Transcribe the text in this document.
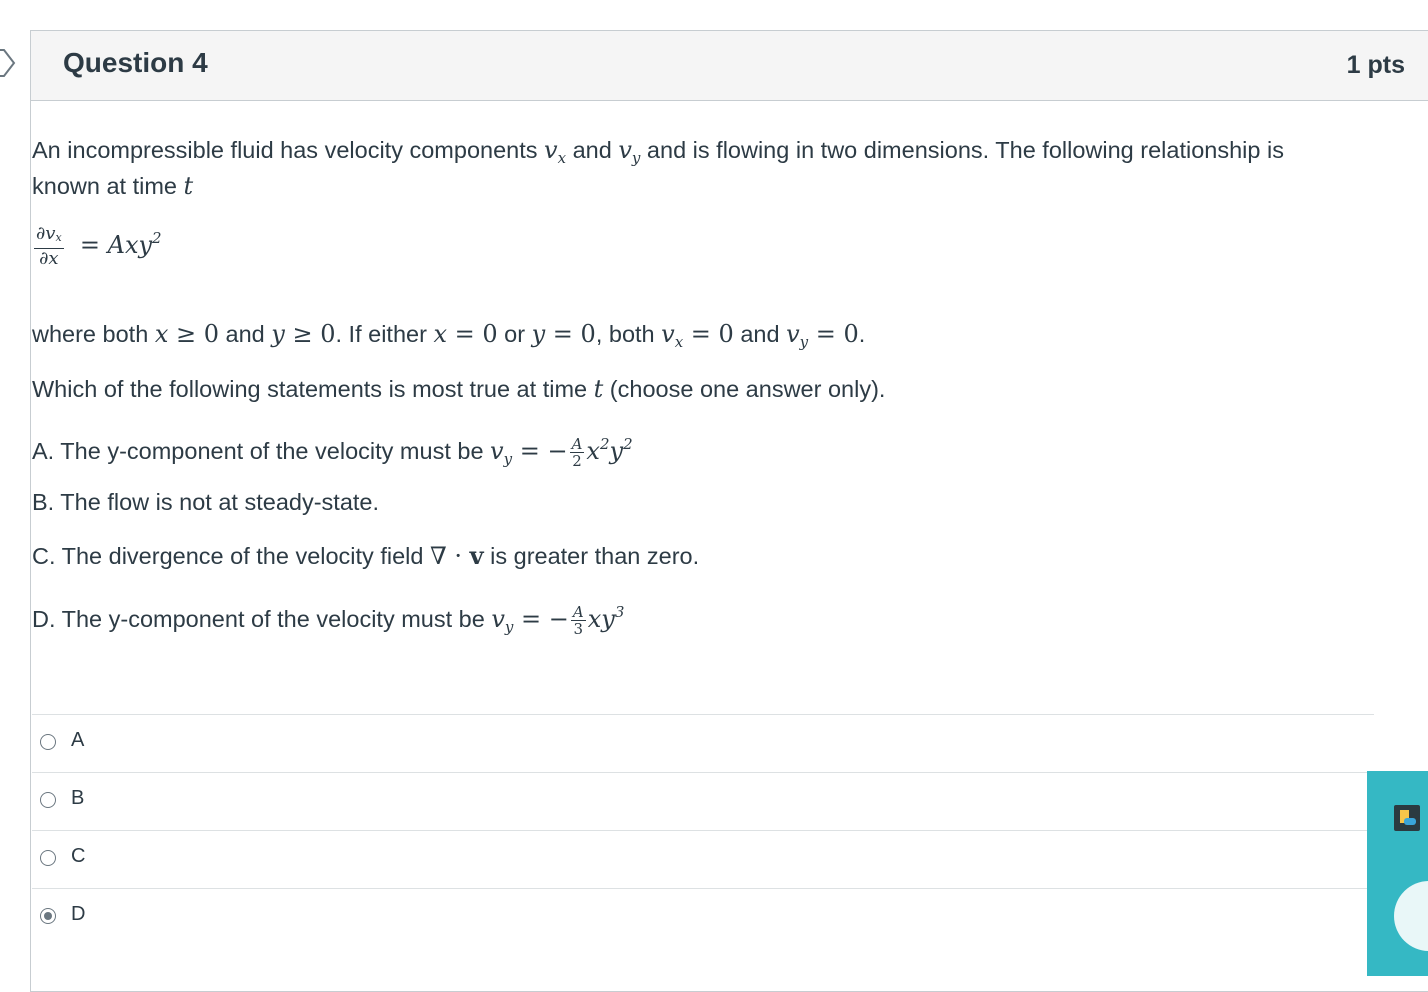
Question 4	1 pts
An incompressible fluid has velocity components $v_x$ and $v_y$ and is flowing in two dimensions. The following relationship is
known at time t
$\frac{\partial v_x}{\partial x} = Axy^2$
where both x ≥ 0 and y ≥ 0. If either x = 0 or y = 0, both $v_x = 0$ and $v_y = 0$.
Which of the following statements is most true at time t (choose one answer only).
A. The y-component of the velocity must be $v_y$ = − $\frac{A}{2} x^2y^2$
B. The flow is not at steady-state.
C. The divergence of the velocity field ∇ · v is greater than zero.
D. The y-component of the velocity must be $v_y$ = − $\frac{A}{3} xy^3$
A
B
C
D
